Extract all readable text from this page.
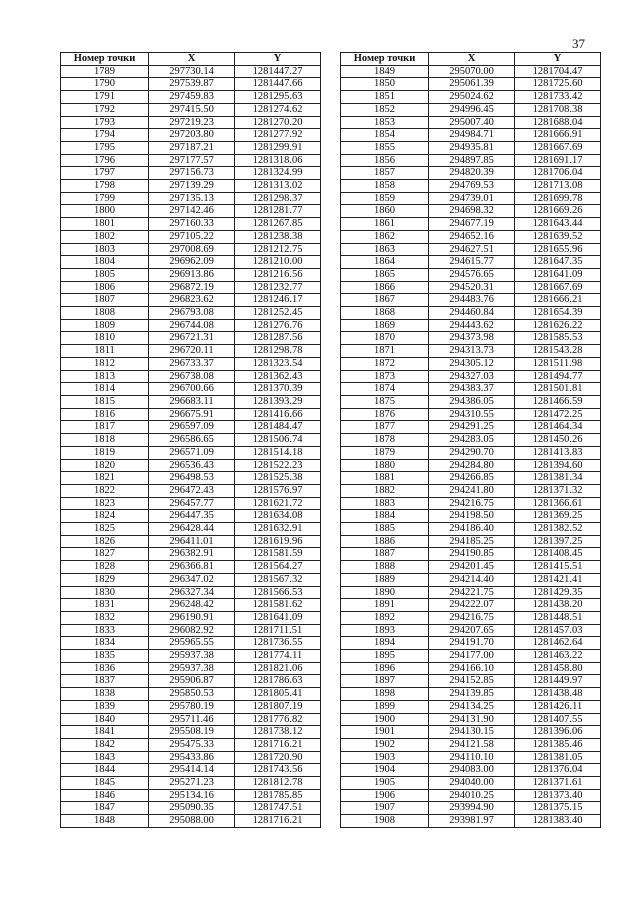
37
Номер точки	X	Y
1789	297730.14	1281447.27
1790	297539.87	1281447.66
1791	297459.83	1281295.63
1792	297415.50	1281274.62
1793	297219.23	1281270.20
1794	297203.80	1281277.92
1795	297187.21	1281299.91
1796	297177.57	1281318.06
1797	297156.73	1281324.99
1798	297139.29	1281313.02
1799	297135.13	1281298.37
1800	297142.46	1281281.77
1801	297160.33	1281267.85
1802	297105.22	1281238.38
1803	297008.69	1281212.75
1804	296962.09	1281210.00
1805	296913.86	1281216.56
1806	296872.19	1281232.77
1807	296823.62	1281246.17
1808	296793.08	1281252.45
1809	296744.08	1281276.76
1810	296721.31	1281287.56
1811	296720.11	1281298.78
1812	296733.37	1281323.54
1813	296738.08	1281362.43
1814	296700.66	1281370.39
1815	296683.11	1281393.29
1816	296675.91	1281416.66
1817	296597.09	1281484.47
1818	296586.65	1281506.74
1819	296571.09	1281514.18
1820	296536.43	1281522.23
1821	296498.53	1281525.38
1822	296472.43	1281576.97
1823	296457.77	1281621.72
1824	296447.35	1281634.08
1825	296428.44	1281632.91
1826	296411.01	1281619.96
1827	296382.91	1281581.59
1828	296366.81	1281564.27
1829	296347.02	1281567.32
1830	296327.34	1281566.53
1831	296248.42	1281581.62
1832	296190.91	1281641.09
1833	296082.92	1281711.51
1834	295965.55	1281736.55
1835	295937.38	1281774.11
1836	295937.38	1281821.06
1837	295906.87	1281786.63
1838	295850.53	1281805.41
1839	295780.19	1281807.19
1840	295711.46	1281776.82
1841	295508.19	1281738.12
1842	295475.33	1281716.21
1843	295433.86	1281720.90
1844	295414.14	1281743.56
1845	295271.23	1281812.78
1846	295134.16	1281785.85
1847	295090.35	1281747.51
1848	295088.00	1281716.21
Номер точки	X	Y
1849	295070.00	1281704.47
1850	295061.39	1281725.60
1851	295024.62	1281733.42
1852	294996.45	1281708.38
1853	295007.40	1281688.04
1854	294984.71	1281666.91
1855	294935.81	1281667.69
1856	294897.85	1281691.17
1857	294820.39	1281706.04
1858	294769.53	1281713.08
1859	294739.01	1281699.78
1860	294698.32	1281669.26
1861	294677.19	1281643.44
1862	294652.16	1281639.52
1863	294627.51	1281655.96
1864	294615.77	1281647.35
1865	294576.65	1281641.09
1866	294520.31	1281667.69
1867	294483.76	1281666.21
1868	294460.84	1281654.39
1869	294443.62	1281626.22
1870	294373.98	1281585.53
1871	294313.73	1281543.28
1872	294305.12	1281511.98
1873	294327.03	1281494.77
1874	294383.37	1281501.81
1875	294386.05	1281466.59
1876	294310.55	1281472.25
1877	294291.25	1281464.34
1878	294283.05	1281450.26
1879	294290.70	1281413.83
1880	294284.80	1281394.60
1881	294266.85	1281381.34
1882	294241.80	1281371.32
1883	294216.75	1281366.61
1884	294198.50	1281369.25
1885	294186.40	1281382.52
1886	294185.25	1281397.25
1887	294190.85	1281408.45
1888	294201.45	1281415.51
1889	294214.40	1281421.41
1890	294221.75	1281429.35
1891	294222.07	1281438.20
1892	294216.75	1281448.51
1893	294207.65	1281457.03
1894	294191.70	1281462.64
1895	294177.00	1281463.22
1896	294166.10	1281458.80
1897	294152.85	1281449.97
1898	294139.85	1281438.48
1899	294134.25	1281426.11
1900	294131.90	1281407.55
1901	294130.15	1281396.06
1902	294121.58	1281385.46
1903	294110.10	1281381.05
1904	294083.00	1281376.04
1905	294040.00	1281371.61
1906	294010.25	1281373.40
1907	293994.90	1281375.15
1908	293981.97	1281383.40
